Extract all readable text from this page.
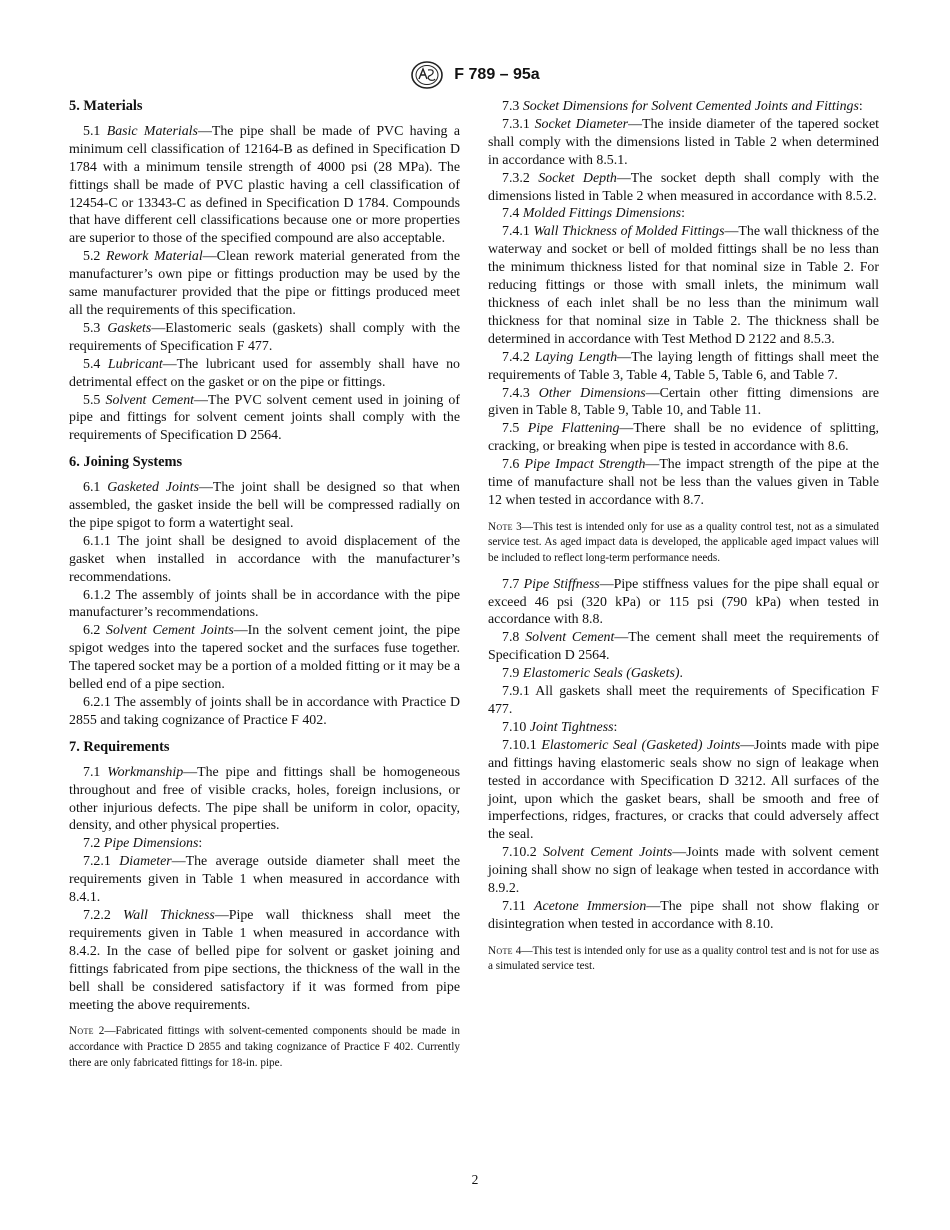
F 789 – 95a
5. Materials

5.1 Basic Materials—The pipe shall be made of PVC having a minimum cell classification of 12164-B as defined in Specification D 1784 with a minimum tensile strength of 4000 psi (28 MPa). The fittings shall be made of PVC plastic having a cell classification of 12454-C or 13343-C as defined in Specification D 1784. Compounds that have different cell classifications because one or more properties are superior to those of the specified compound are also acceptable.

5.2 Rework Material—Clean rework material generated from the manufacturer’s own pipe or fittings production may be used by the same manufacturer provided that the pipe or fittings produced meet all the requirements of this specification.

5.3 Gaskets—Elastomeric seals (gaskets) shall comply with the requirements of Specification F 477.

5.4 Lubricant—The lubricant used for assembly shall have no detrimental effect on the gasket or on the pipe or fittings.

5.5 Solvent Cement—The PVC solvent cement used in joining of pipe and fittings for solvent cement joints shall comply with the requirements of Specification D 2564.

6. Joining Systems

6.1 Gasketed Joints—The joint shall be designed so that when assembled, the gasket inside the bell will be compressed radially on the pipe spigot to form a watertight seal.

6.1.1 The joint shall be designed to avoid displacement of the gasket when installed in accordance with the manufacturer’s recommendations.

6.1.2 The assembly of joints shall be in accordance with the pipe manufacturer’s recommendations.

6.2 Solvent Cement Joints—In the solvent cement joint, the pipe spigot wedges into the tapered socket and the surfaces fuse together. The tapered socket may be a portion of a molded fitting or it may be a belled end of a pipe section.

6.2.1 The assembly of joints shall be in accordance with Practice D 2855 and taking cognizance of Practice F 402.

7. Requirements

7.1 Workmanship—The pipe and fittings shall be homogeneous throughout and free of visible cracks, holes, foreign inclusions, or other injurious defects. The pipe shall be uniform in color, opacity, density, and other physical properties.

7.2 Pipe Dimensions:

7.2.1 Diameter—The average outside diameter shall meet the requirements given in Table 1 when measured in accordance with 8.4.1.

7.2.2 Wall Thickness—Pipe wall thickness shall meet the requirements given in Table 1 when measured in accordance with 8.4.2. In the case of belled pipe for solvent or gasket joining and fittings fabricated from pipe sections, the thickness of the wall in the bell shall be considered satisfactory if it was formed from pipe meeting the above requirements.

Note 2—Fabricated fittings with solvent-cemented components should be made in accordance with Practice D 2855 and taking cognizance of Practice F 402. Currently there are only fabricated fittings for 18-in. pipe.

7.3 Socket Dimensions for Solvent Cemented Joints and Fittings:

7.3.1 Socket Diameter—The inside diameter of the tapered socket shall comply with the dimensions listed in Table 2 when determined in accordance with 8.5.1.

7.3.2 Socket Depth—The socket depth shall comply with the dimensions listed in Table 2 when measured in accordance with 8.5.2.

7.4 Molded Fittings Dimensions:

7.4.1 Wall Thickness of Molded Fittings—The wall thickness of the waterway and socket or bell of molded fittings shall be no less than the minimum thickness listed for that nominal size in Table 2. For reducing fittings or those with small inlets, the minimum wall thickness of each inlet shall be no less than the minimum wall thickness for that nominal size in Table 2. The thickness shall be determined in accordance with Test Method D 2122 and 8.5.3.

7.4.2 Laying Length—The laying length of fittings shall meet the requirements of Table 3, Table 4, Table 5, Table 6, and Table 7.

7.4.3 Other Dimensions—Certain other fitting dimensions are given in Table 8, Table 9, Table 10, and Table 11.

7.5 Pipe Flattening—There shall be no evidence of splitting, cracking, or breaking when pipe is tested in accordance with 8.6.

7.6 Pipe Impact Strength—The impact strength of the pipe at the time of manufacture shall not be less than the values given in Table 12 when tested in accordance with 8.7.

Note 3—This test is intended only for use as a quality control test, not as a simulated service test. As aged impact data is developed, the applicable aged impact values will be included to reflect long-term performance needs.

7.7 Pipe Stiffness—Pipe stiffness values for the pipe shall equal or exceed 46 psi (320 kPa) or 115 psi (790 kPa) when tested in accordance with 8.8.

7.8 Solvent Cement—The cement shall meet the requirements of Specification D 2564.

7.9 Elastomeric Seals (Gaskets).

7.9.1 All gaskets shall meet the requirements of Specification F 477.

7.10 Joint Tightness:

7.10.1 Elastomeric Seal (Gasketed) Joints—Joints made with pipe and fittings having elastomeric seals show no sign of leakage when tested in accordance with Specification D 3212. All surfaces of the joint, upon which the gasket bears, shall be smooth and free of imperfections, ridges, fractures, or cracks that could adversely affect the seal.

7.10.2 Solvent Cement Joints—Joints made with solvent cement joining shall show no sign of leakage when tested in accordance with 8.9.2.

7.11 Acetone Immersion—The pipe shall not show flaking or disintegration when tested in accordance with 8.10.

Note 4—This test is intended only for use as a quality control test and is not for use as a simulated service test.

2
